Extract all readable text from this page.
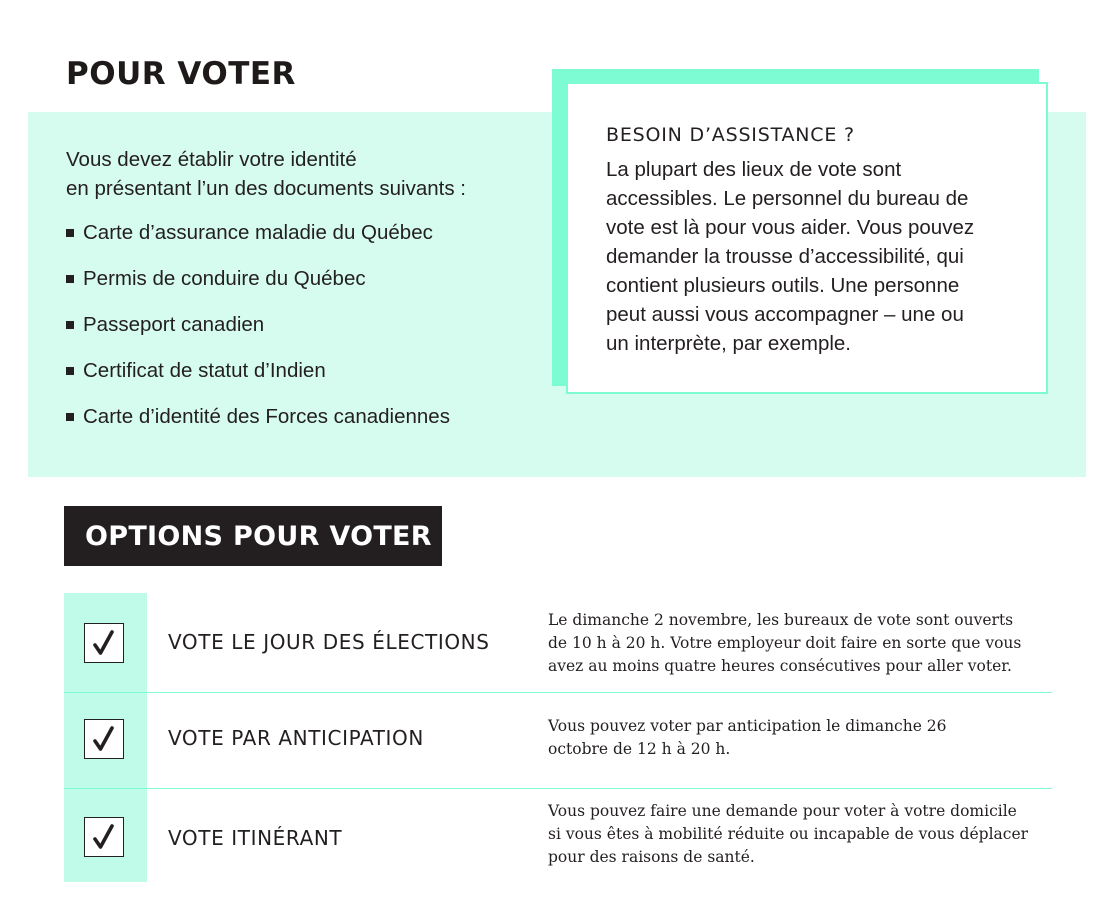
POUR VOTER
Vous devez établir votre identité
en présentant l’un des documents suivants :
Carte d’assurance maladie du Québec
Permis de conduire du Québec
Passeport canadien
Certificat de statut d’Indien
Carte d’identité des Forces canadiennes
BESOIN D’ASSISTANCE ?
La plupart des lieux de vote sont
accessibles. Le personnel du bureau de
vote est là pour vous aider. Vous pouvez
demander la trousse d’accessibilité, qui
contient plusieurs outils. Une personne
peut aussi vous accompagner – une ou
un interprète, par exemple.
OPTIONS POUR VOTER
VOTE LE JOUR DES ÉLECTIONS
Le dimanche 2 novembre, les bureaux de vote sont ouverts
de 10 h à 20 h. Votre employeur doit faire en sorte que vous
avez au moins quatre heures consécutives pour aller voter.
VOTE PAR ANTICIPATION	Vous pouvez voter par anticipation le dimanche 26
octobre de 12 h à 20 h.
VOTE ITINÉRANT
Vous pouvez faire une demande pour voter à votre domicile
si vous êtes à mobilité réduite ou incapable de vous déplacer
pour des raisons de santé.
